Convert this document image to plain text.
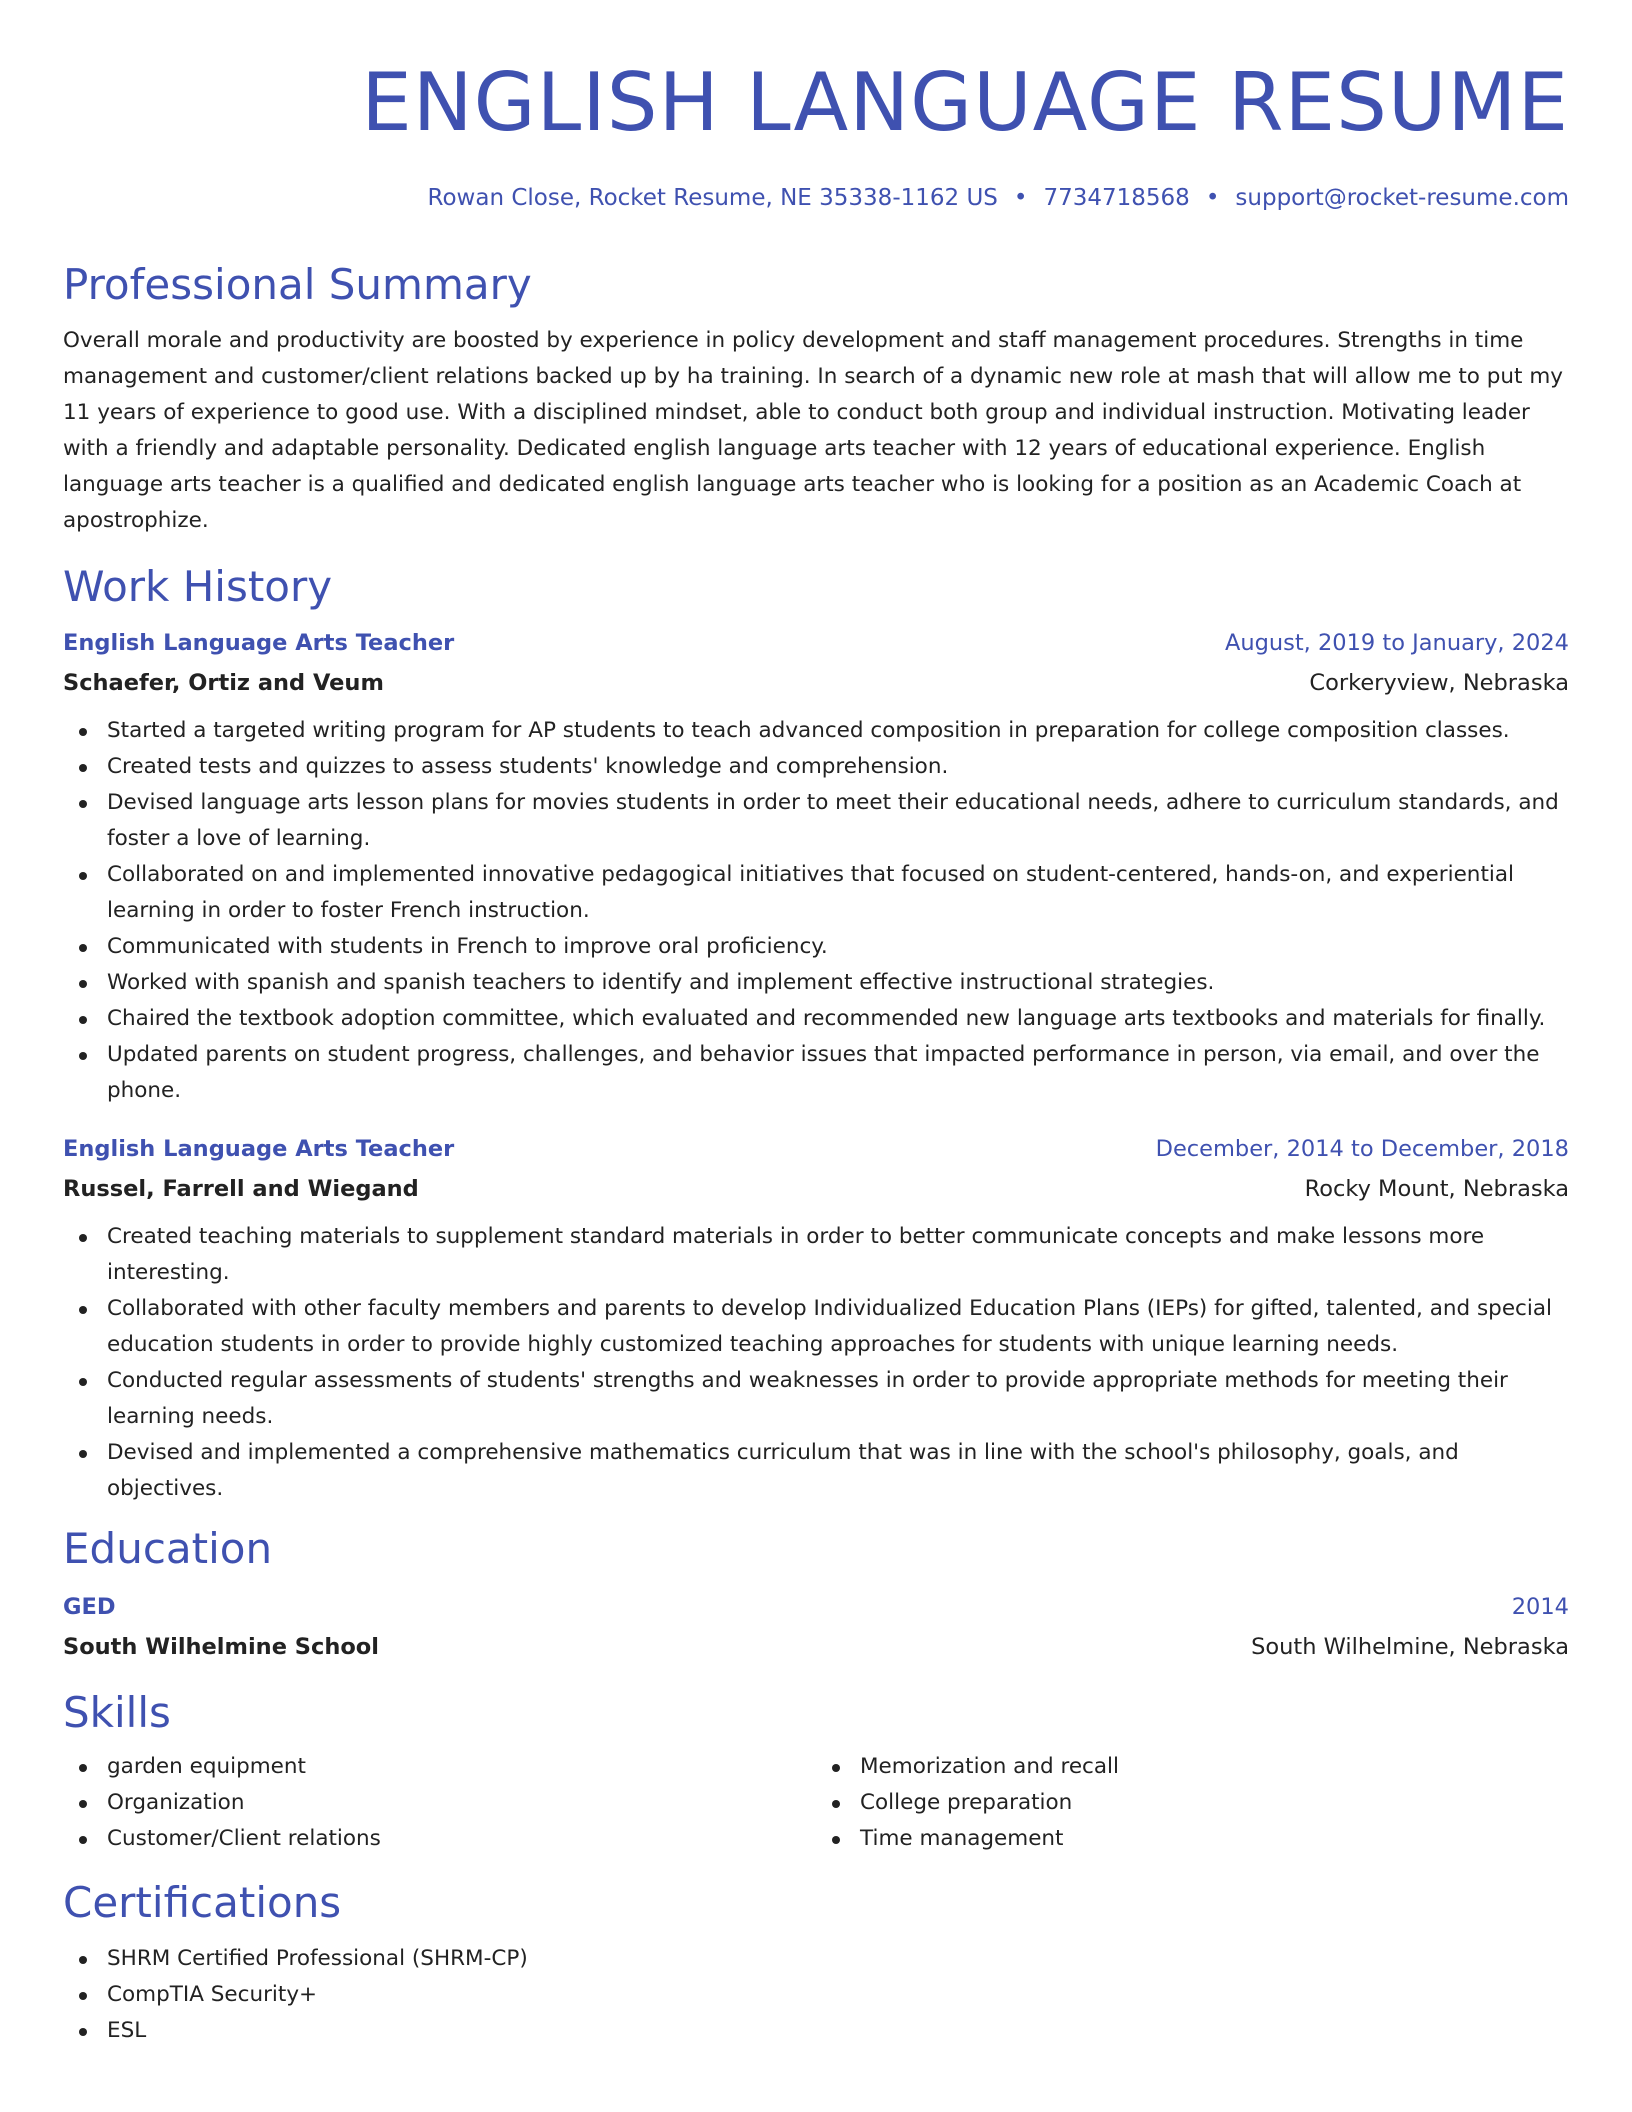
ENGLISH LANGUAGE RESUME
Rowan Close, Rocket Resume, NE 35338-1162 US • 7734718568 • support@rocket-resume.com
Professional Summary

Overall morale and productivity are boosted by experience in policy development and staff management procedures. Strengths in time management and customer/client relations backed up by ha training. In search of a dynamic new role at mash that will allow me to put my 11 years of experience to good use. With a disciplined mindset, able to conduct both group and individual instruction. Motivating leader with a friendly and adaptable personality. Dedicated english language arts teacher with 12 years of educational experience. English language arts teacher is a qualified and dedicated english language arts teacher who is looking for a position as an Academic Coach at apostrophize.

Work History
English Language Arts Teacher	August, 2019 to January, 2024
Schaefer, Ortiz and Veum	Corkeryview, Nebraska
Started a targeted writing program for AP students to teach advanced composition in preparation for college composition classes.
Created tests and quizzes to assess students' knowledge and comprehension.
Devised language arts lesson plans for movies students in order to meet their educational needs, adhere to curriculum standards, and foster a love of learning.
Collaborated on and implemented innovative pedagogical initiatives that focused on student-centered, hands-on, and experiential learning in order to foster French instruction.
Communicated with students in French to improve oral proficiency.
Worked with spanish and spanish teachers to identify and implement effective instructional strategies.
Chaired the textbook adoption committee, which evaluated and recommended new language arts textbooks and materials for finally.
Updated parents on student progress, challenges, and behavior issues that impacted performance in person, via email, and over the phone.
English Language Arts Teacher	December, 2014 to December, 2018
Russel, Farrell and Wiegand	Rocky Mount, Nebraska
Created teaching materials to supplement standard materials in order to better communicate concepts and make lessons more interesting.
Collaborated with other faculty members and parents to develop Individualized Education Plans (IEPs) for gifted, talented, and special education students in order to provide highly customized teaching approaches for students with unique learning needs.
Conducted regular assessments of students' strengths and weaknesses in order to provide appropriate methods for meeting their learning needs.
Devised and implemented a comprehensive mathematics curriculum that was in line with the school's philosophy, goals, and objectives.
Education
GED	2014
South Wilhelmine School	South Wilhelmine, Nebraska
Skills
garden equipment
Organization
Customer/Client relations
Memorization and recall
College preparation
Time management
Certifications
SHRM Certified Professional (SHRM-CP)
CompTIA Security+
ESL
